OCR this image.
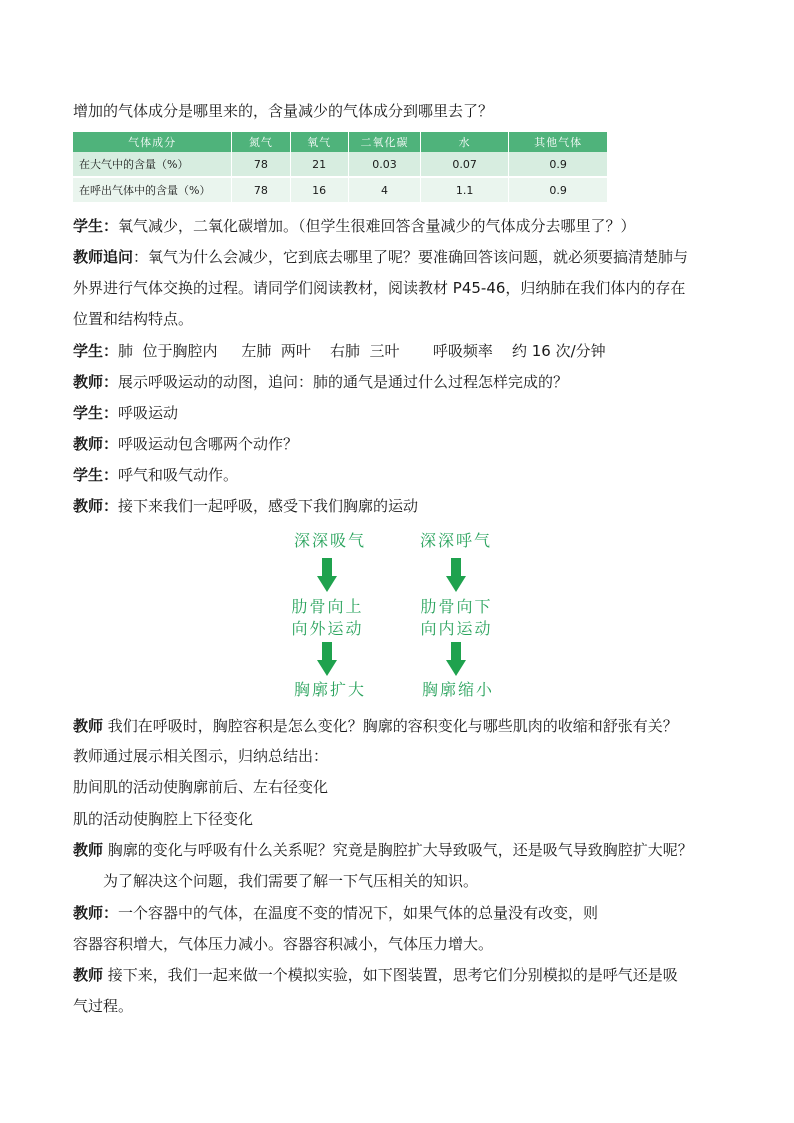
增加的气体成分是哪里来的，含量减少的气体成分到哪里去了？
气体成分	氮气	氧气	二氧化碳	水	其他气体
在大气中的含量（%）	78	21	0.03	0.07	0.9
在呼出气体中的含量（%）	78	16	4	1.1	0.9
学生：氧气减少，二氧化碳增加。（但学生很难回答含量减少的气体成分去哪里了？）
教师追问：氧气为什么会减少，它到底去哪里了呢？要准确回答该问题，就必须要搞清楚肺与
外界进行气体交换的过程。请同学们阅读教材，阅读教材 P45-46，归纳肺在我们体内的存在
位置和结构特点。
学生：肺  位于胸腔内     左肺  两叶    右肺  三叶       呼吸频率    约 16 次/分钟
教师：展示呼吸运动的动图，追问：肺的通气是通过什么过程怎样完成的？
学生：呼吸运动
教师：呼吸运动包含哪两个动作？
学生：呼气和吸气动作。
教师：接下来我们一起呼吸，感受下我们胸廓的运动
深深吸气	深深呼气
肋骨向上
向外运动
肋骨向下
向内运动
胸廓扩大	胸廓缩小
教师 我们在呼吸时，胸腔容积是怎么变化？胸廓的容积变化与哪些肌肉的收缩和舒张有关？
教师通过展示相关图示，归纳总结出：
肋间肌的活动使胸廓前后、左右径变化
肌的活动使胸腔上下径变化
教师 胸廓的变化与呼吸有什么关系呢？究竟是胸腔扩大导致吸气，还是吸气导致胸腔扩大呢？
为了解决这个问题，我们需要了解一下气压相关的知识。
教师：一个容器中的气体，在温度不变的情况下，如果气体的总量没有改变，则
容器容积增大，气体压力减小。容器容积减小，气体压力增大。
教师 接下来，我们一起来做一个模拟实验，如下图装置，思考它们分别模拟的是呼气还是吸
气过程。
